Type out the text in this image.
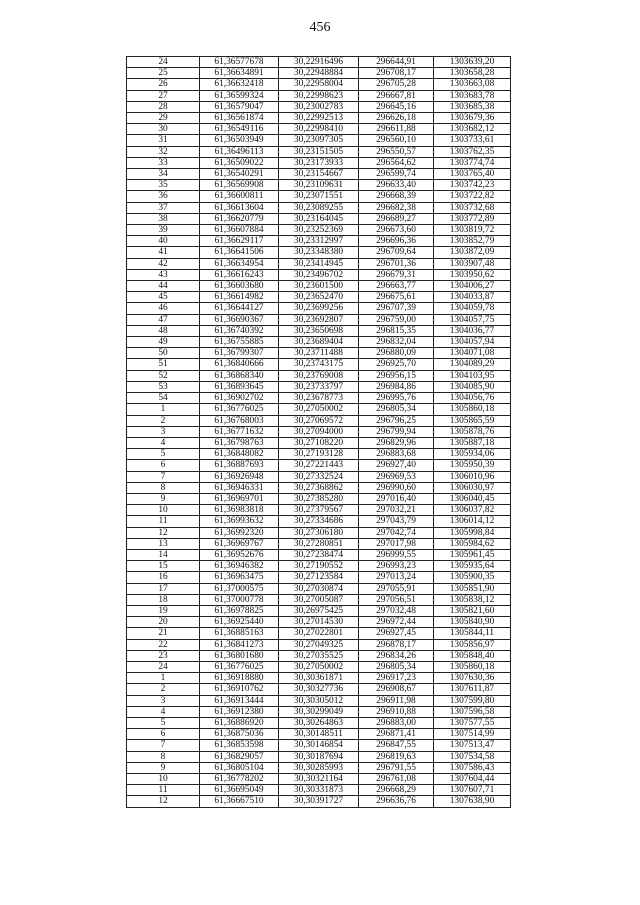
456
24	61,36577678	30,22916496	296644,91	1303639,20
25	61,36634891	30,22948884	296708,17	1303658,28
26	61,36632418	30,22958004	296705,28	1303663,08
27	61,36599324	30,22998623	296667,81	1303683,78
28	61,36579047	30,23002783	296645,16	1303685,38
29	61,36561874	30,22992513	296626,18	1303679,36
30	61,36549116	30,22998410	296611,88	1303682,12
31	61,36503949	30,23097305	296560,10	1303733,61
32	61,36496113	30,23151505	296550,57	1303762,35
33	61,36509022	30,23173933	296564,62	1303774,74
34	61,36540291	30,23154667	296599,74	1303765,40
35	61,36569908	30,23109631	296633,40	1303742,23
36	61,36600811	30,23071551	296668,39	1303722,82
37	61,36613604	30,23089255	296682,38	1303732,68
38	61,36620779	30,23164045	296689,27	1303772,89
39	61,36607884	30,23252369	296673,60	1303819,72
40	61,36629117	30,23312997	296696,36	1303852,79
41	61,36641506	30,23348380	296709,64	1303872,09
42	61,36634954	30,23414945	296701,36	1303907,48
43	61,36616243	30,23496702	296679,31	1303950,62
44	61,36603680	30,23601500	296663,77	1304006,27
45	61,36614982	30,23652470	296675,61	1304033,87
46	61,36644127	30,23699256	296707,39	1304059,78
47	61,36690367	30,23692807	296759,00	1304057,75
48	61,36740392	30,23650698	296815,35	1304036,77
49	61,36755885	30,23689404	296832,04	1304057,94
50	61,36799307	30,23711488	296880,09	1304071,08
51	61,36840666	30,23743175	296925,70	1304089,29
52	61,36868340	30,23769008	296956,15	1304103,95
53	61,36893645	30,23733797	296984,86	1304085,90
54	61,36902702	30,23678773	296995,76	1304056,76
1	61,36776025	30,27050002	296805,34	1305860,18
2	61,36768003	30,27069572	296796,25	1305865,59
3	61,36771632	30,27094000	296799,94	1305878,76
4	61,36798763	30,27108220	296829,96	1305887,18
5	61,36848082	30,27193128	296883,68	1305934,06
6	61,36887693	30,27221443	296927,40	1305950,39
7	61,36926948	30,27332524	296969,53	1306010,96
8	61,36946331	30,27368862	296990,60	1306030,97
9	61,36969701	30,27385280	297016,40	1306040,45
10	61,36983818	30,27379567	297032,21	1306037,82
11	61,36993632	30,27334686	297043,79	1306014,12
12	61,36992320	30,27306180	297042,74	1305998,84
13	61,36969767	30,27280851	297017,98	1305984,62
14	61,36952676	30,27238474	296999,55	1305961,45
15	61,36946382	30,27190552	296993,23	1305935,64
16	61,36963475	30,27123584	297013,24	1305900,35
17	61,37000575	30,27030874	297055,91	1305851,90
18	61,37000778	30,27005087	297056,51	1305838,12
19	61,36978825	30,26975425	297032,48	1305821,60
20	61,36925440	30,27014530	296972,44	1305840,90
21	61,36885163	30,27022801	296927,45	1305844,11
22	61,36841273	30,27049325	296878,17	1305856,97
23	61,36801680	30,27035525	296834,26	1305848,40
24	61,36776025	30,27050002	296805,34	1305860,18
1	61,36918880	30,30361871	296917,23	1307630,36
2	61,36910762	30,30327736	296908,67	1307611,87
3	61,36913444	30,30305012	296911,98	1307599,80
4	61,36912380	30,30299049	296910,88	1307596,58
5	61,36886920	30,30264863	296883,00	1307577,55
6	61,36875036	30,30148511	296871,41	1307514,99
7	61,36853598	30,30146854	296847,55	1307513,47
8	61,36829057	30,30187694	296819,63	1307534,58
9	61,36805104	30,30285993	296791,55	1307586,43
10	61,36778202	30,30321164	296761,08	1307604,44
11	61,36695049	30,30331873	296668,29	1307607,71
12	61,36667510	30,30391727	296636,76	1307638,90
